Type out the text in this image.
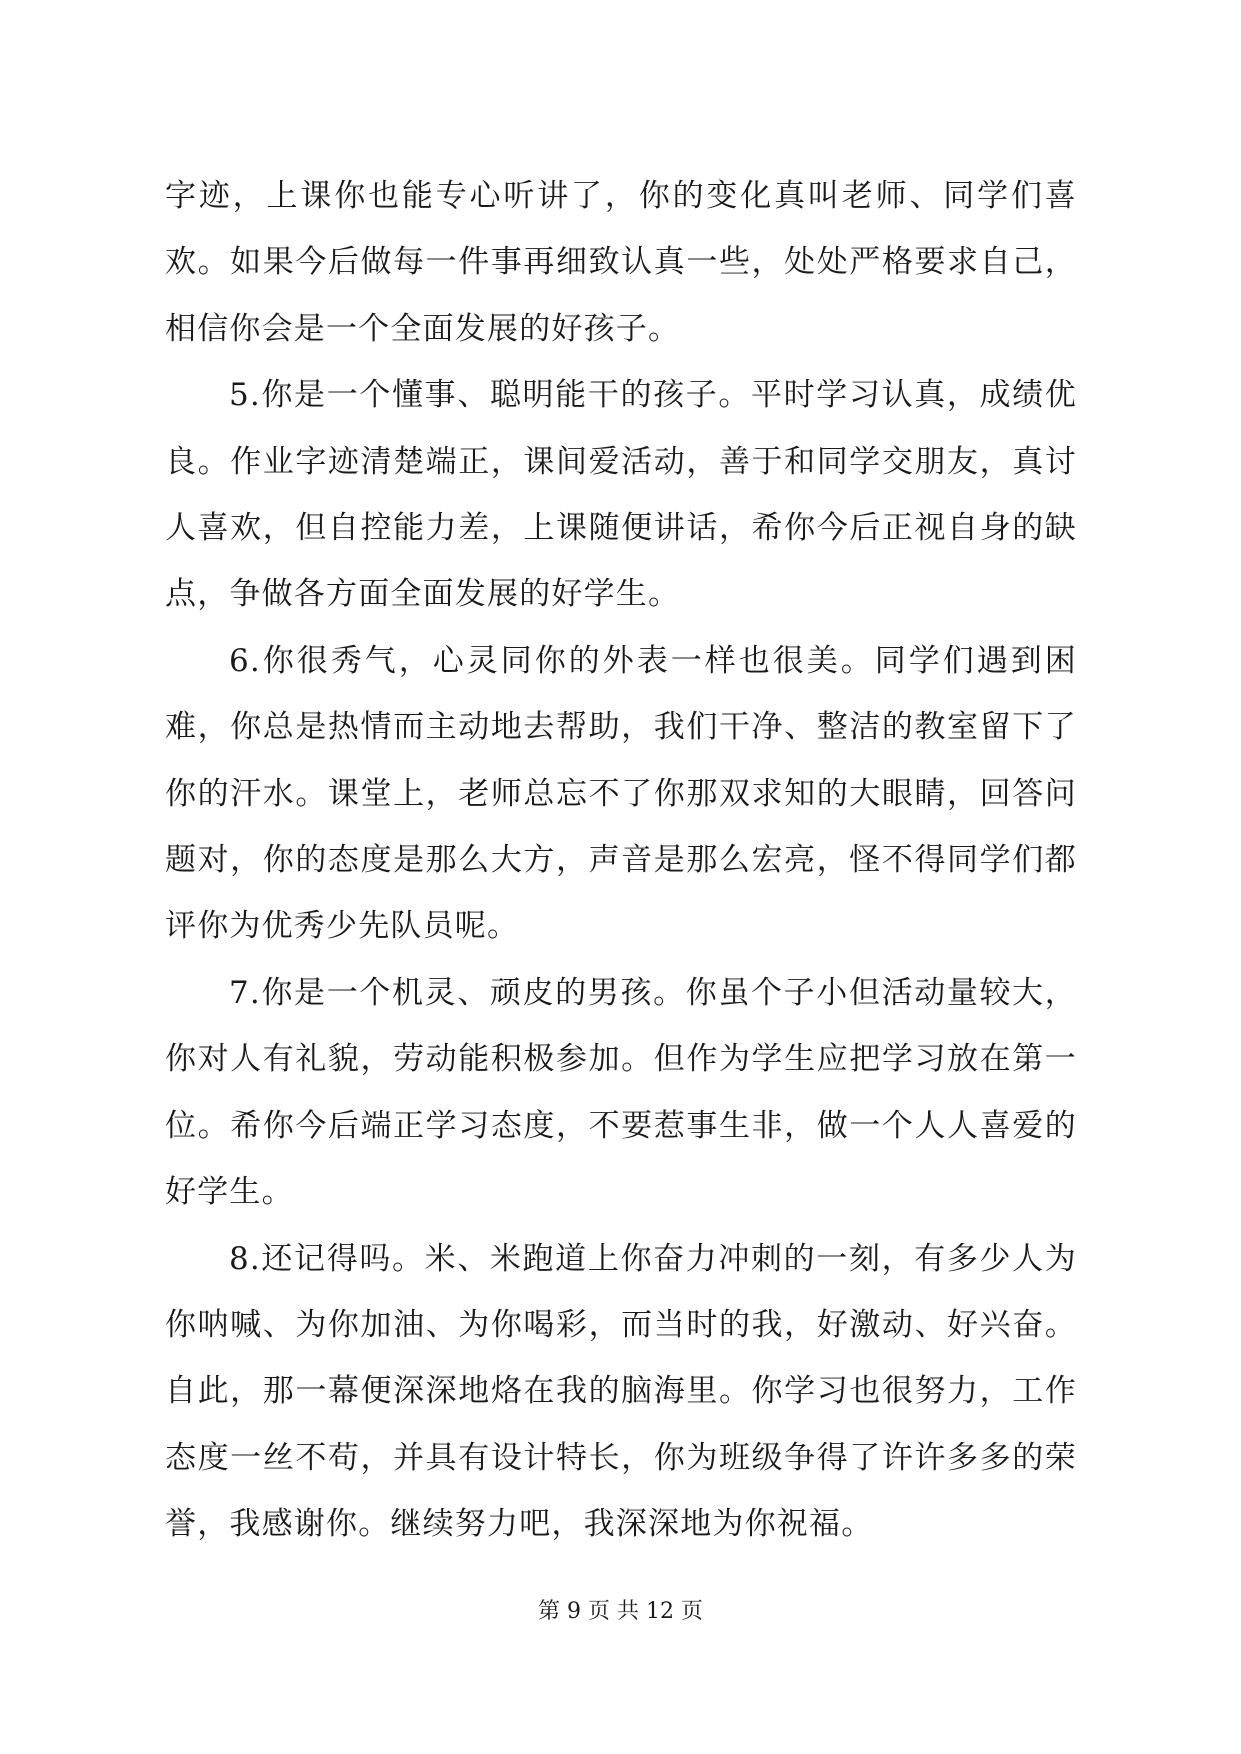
字迹，上课你也能专心听讲了，你的变化真叫老师、同学们喜欢。如果今后做每一件事再细致认真一些，处处严格要求自己，相信你会是一个全面发展的好孩子。

5.你是一个懂事、聪明能干的孩子。平时学习认真，成绩优良。作业字迹清楚端正，课间爱活动，善于和同学交朋友，真讨人喜欢，但自控能力差，上课随便讲话，希你今后正视自身的缺点，争做各方面全面发展的好学生。

6.你很秀气，心灵同你的外表一样也很美。同学们遇到困难，你总是热情而主动地去帮助，我们干净、整洁的教室留下了你的汗水。课堂上，老师总忘不了你那双求知的大眼睛，回答问题对，你的态度是那么大方，声音是那么宏亮，怪不得同学们都评你为优秀少先队员呢。

7.你是一个机灵、顽皮的男孩。你虽个子小但活动量较大，你对人有礼貌，劳动能积极参加。但作为学生应把学习放在第一位。希你今后端正学习态度，不要惹事生非，做一个人人喜爱的好学生。

8.还记得吗。米、米跑道上你奋力冲刺的一刻，有多少人为你呐喊、为你加油、为你喝彩，而当时的我，好激动、好兴奋。自此，那一幕便深深地烙在我的脑海里。你学习也很努力，工作态度一丝不苟，并具有设计特长，你为班级争得了许许多多的荣誉，我感谢你。继续努力吧，我深深地为你祝福。

第 9 页 共 12 页
